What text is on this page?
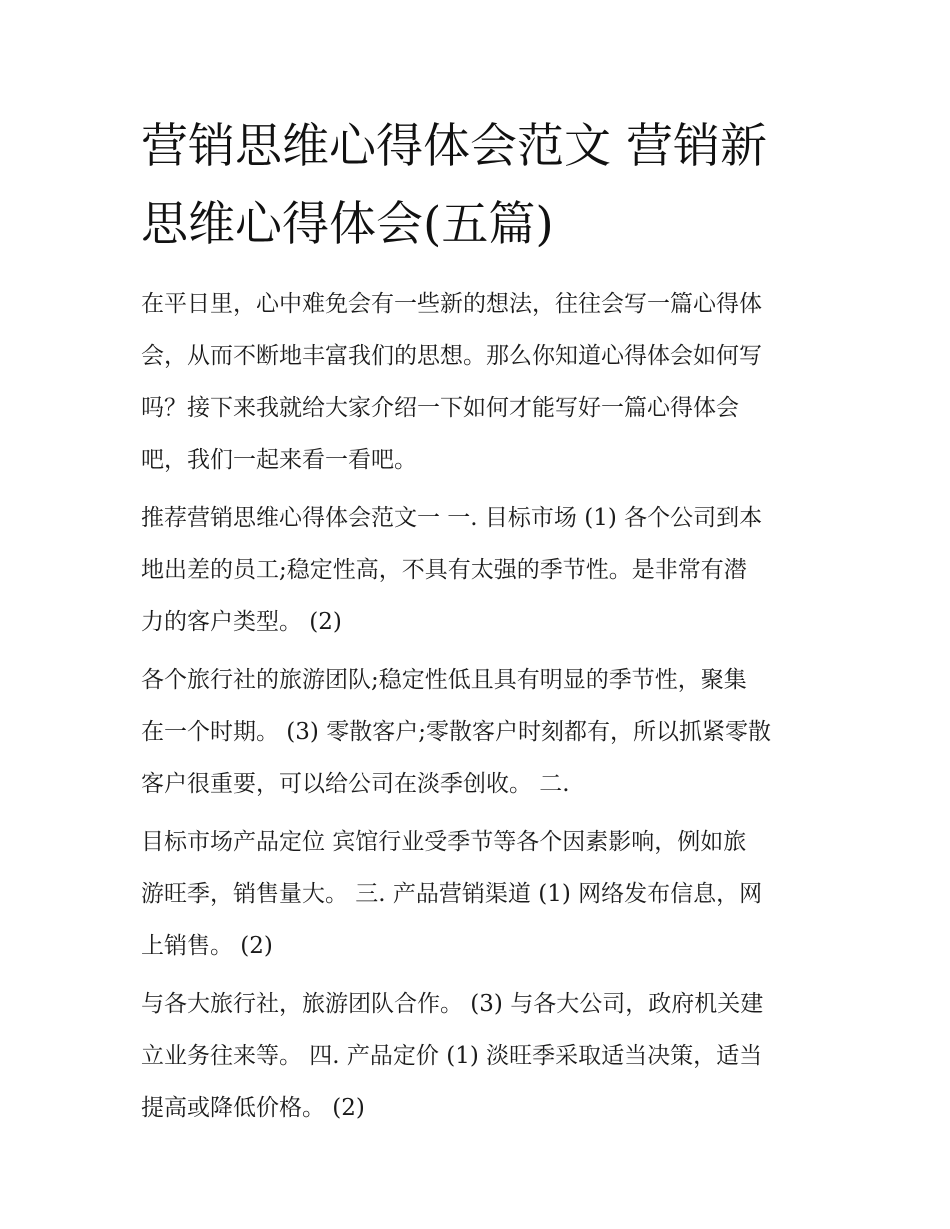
营销思维心得体会范文 营销新
思维心得体会(五篇)

在平日里，心中难免会有一些新的想法，往往会写一篇心得体
会，从而不断地丰富我们的思想。那么你知道心得体会如何写
吗？接下来我就给大家介绍一下如何才能写好一篇心得体会
吧，我们一起来看一看吧。

推荐营销思维心得体会范文一 一. 目标市场 (1) 各个公司到本
地出差的员工;稳定性高，不具有太强的季节性。是非常有潜
力的客户类型。 (2)

各个旅行社的旅游团队;稳定性低且具有明显的季节性，聚集
在一个时期。 (3) 零散客户;零散客户时刻都有，所以抓紧零散
客户很重要，可以给公司在淡季创收。 二.

目标市场产品定位 宾馆行业受季节等各个因素影响，例如旅
游旺季，销售量大。 三. 产品营销渠道 (1) 网络发布信息，网
上销售。 (2)

与各大旅行社，旅游团队合作。 (3) 与各大公司，政府机关建
立业务往来等。 四. 产品定价 (1) 淡旺季采取适当决策，适当
提高或降低价格。 (2)
